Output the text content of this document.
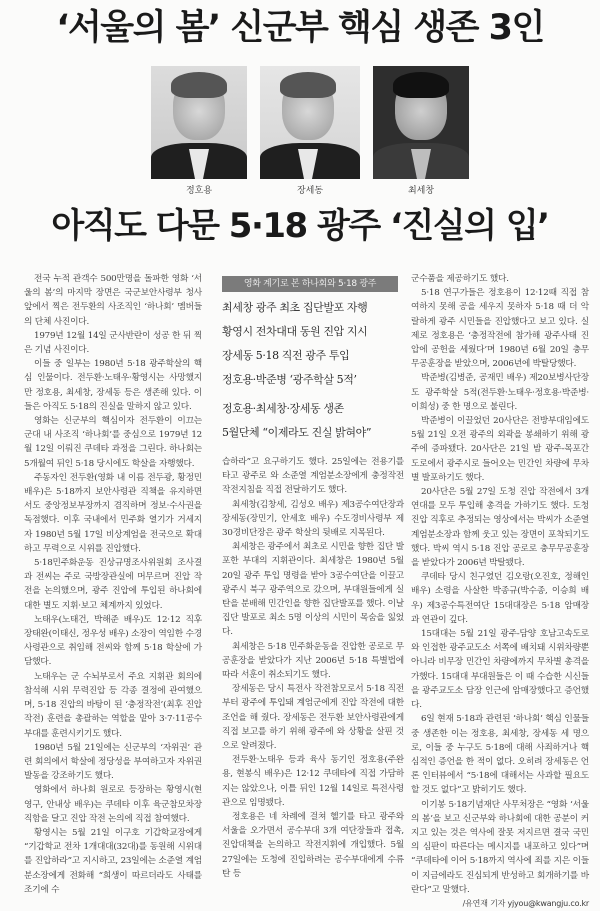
‘서울의 봄’ 신군부 핵심 생존 3인
정호용	장세동	최세창
아직도 다문 5·18 광주 ‘진실의 입’

전국 누적 관객수 500만명을 돌파한 영화 ‘서울의 봄’의 마지막 장면은 국군보안사령부 청사 앞에서 찍은 전두환의 사조직인 ‘하나회’ 멤버들의 단체 사진이다.

1979년 12월 14일 군사반란이 성공 한 뒤 찍은 기념 사진이다.

이들 중 일부는 1980년 5·18 광주학살의 핵심 인물이다. 전두환·노태우·황영시는 사망했지만 정호용, 최세창, 장세동 등은 생존해 있다. 이들은 아직도 5·18의 진실을 말하지 않고 있다.

영화는 신군부의 핵심이자 전두환이 이끄는 군대 내 사조직 ‘하나회’를 중심으로 1979년 12월 12일 이뤄진 쿠데타 과정을 그린다. 하나회는 5개월여 뒤인 5·18 당시에도 학살을 자행했다.

주동자인 전두환(영화 내 이름 전두광, 황정민 배우)은 5·18까지 보안사령관 직책을 유지하면서도 중앙정보부장까지 겸직하며 정보·수사권을 독점했다. 이후 국내에서 민주화 열기가 거세지자 1980년 5월 17일 비상계엄을 전국으로 확대하고 무력으로 시위를 진압했다.

5·18민주화운동 진상규명조사위원회 조사결과 전씨는 주로 국방장관실에 머무르며 진압 작전을 논의했으며, 광주 진압에 투입된 하나회에 대한 별도 지휘·보고 체계까지 있었다.

노태우(노태건, 박해준 배우)도 12·12 직후 장태완(이태신, 정우성 배우) 소장이 역임한 수경사령관으로 취임해 전씨와 함께 5·18 학살에 가담했다.

노태우는 군 수뇌부로서 주요 지휘관 회의에 참석해 시위 무력진압 등 각종 결정에 관여했으며, 5·18 진압의 바탕이 된 ‘충정작전’(최후 진압작전) 훈련을 총괄하는 역할을 맡아 3·7·11공수부대를 훈련시키기도 했다.

1980년 5월 21일에는 신군부의 ‘자위권’ 관련 회의에서 학살에 정당성을 부여하고자 자위권 발동을 강조하기도 했다.

영화에서 하나회 원로로 등장하는 황영시(현영구, 안내상 배우)는 쿠데타 이후 육군참모차장 직함을 달고 진압 작전 논의에 직접 참여했다.

황영시는 5월 21일 이구호 기갑학교장에게 “기갑학교 전차 1개대대(32대)를 동원해 시위대를 진압하라”고 지시하고, 23일에는 소준열 계엄분소장에게 전화해 “희생이 따르더라도 사태를 조기에 수

영화 계기로 본 하나회와 5·18 광주
최세창 광주 최초 집단발포 자행
황영시 전차대대 동원 진압 지시
장세동 5·18 직전 광주 투입
정호용·박준병 ‘광주학살 5적’
정호용·최세창·장세동 생존
5월단체 “이제라도 진실 밝혀야”

습하라”고 요구하기도 했다. 25일에는 전용기를 타고 광주로 와 소준열 계엄분소장에게 충정작전 작전지침을 직접 전달하기도 했다.

최세창(김창세, 김성오 배우) 제3공수여단장과 장세동(장민기, 안세호 배우) 수도경비사령부 제30경비단장은 광주 학살의 뒷배로 지목된다.

최세창은 광주에서 최초로 시민을 향한 집단 발포한 부대의 지휘관이다. 최세창은 1980년 5월 20일 광주 투입 명령을 받아 3공수여단을 이끌고 광주시 북구 광주역으로 갔으며, 부대원들에게 실탄을 분배해 민간인을 향한 집단발포를 했다. 이날 집단 발포로 최소 5명 이상의 시민이 목숨을 잃었다.

최세창은 5·18 민주화운동을 진압한 공로로 무공훈장을 받았다가 지난 2006년 5·18 특별법에 따라 서훈이 취소되기도 했다.

장세동은 당시 특전사 작전참모로서 5·18 직전부터 광주에 투입돼 계엄군에게 진압 작전에 대한 조언을 해 줬다. 장세동은 전두환 보안사령관에게 직접 보고를 하기 위해 광주에 와 상황을 살핀 것으로 알려졌다.

전두환·노태우 등과 육사 동기인 정호용(주완용, 현봉식 배우)은 12·12 쿠데타에 직접 가담하지는 않았으나, 이틀 뒤인 12월 14일로 특전사령관으로 임명됐다.

정호용은 네 차례에 걸쳐 헬기를 타고 광주와 서울을 오가면서 공수부대 3개 여단장들과 접촉, 진압대책을 논의하고 작전지휘에 개입했다. 5월 27일에는 도청에 진입하려는 공수부대에게 수류탄 등

군수품을 제공하기도 했다.

5·18 연구가들은 정호용이 12·12때 직접 참여하지 못해 공을 세우지 못하자 5·18 때 더 악랄하게 광주 시민들을 진압했다고 보고 있다. 실제로 정호용은 ‘충정작전에 참가해 광주사태 진압에 공헌을 세웠다’며 1980년 6월 20일 충무무공훈장을 받았으며, 2006년에 박탈당했다.

박준병(김병준, 공재민 배우) 제20보병사단장도 광주학살 5적(전두환·노태우·정호용·박준병·이희성) 중 한 명으로 불린다.

박준병이 이끌었던 20사단은 전방부대임에도 5월 21일 오전 광주의 외곽을 봉쇄하기 위해 광주에 증파됐다. 20사단은 21일 밤 광주-목포간 도로에서 광주시로 들어오는 민간인 차량에 무차별 발포하기도 했다.

20사단은 5월 27일 도청 진압 작전에서 3개 연대를 모두 투입해 총격을 가하기도 했다. 도청 진압 직후로 추정되는 영상에서는 박씨가 소준열 계엄분소장과 함께 웃고 있는 장면이 포착되기도 했다. 박씨 역시 5·18 진압 공로로 충무무공훈장을 받았다가 2006년 박탈됐다.

쿠데타 당시 친구였던 김오랑(오진호, 정해인 배우) 소령을 사살한 박종규(박수종, 이승희 배우) 제3공수특전여단 15대대장은 5·18 암매장과 연관이 깊다.

15대대는 5월 21일 광주-담양 호남고속도로와 인접한 광주교도소 서쪽에 배치돼 시위차량뿐 아니라 비무장 민간인 차량에까지 무차별 총격을 가했다. 15대대 부대원들은 이 때 수습한 시신들을 광주교도소 담장 인근에 암매장했다고 증언했다.

6일 현재 5·18과 관련된 ‘하나회’ 핵심 인물들 중 생존한 이는 정호용, 최세창, 장세동 세 명으로, 이들 중 누구도 5·18에 대해 사죄하거나 핵심적인 증언을 한 적이 없다. 오히려 장세동은 언론 인터뷰에서 “5·18에 대해서는 사과할 필요도 할 것도 없다”고 밝히기도 했다.

이기봉 5·18기념재단 사무처장은 “영화 ‘서울의 봄’을 보고 신군부와 하나회에 대한 공분이 커지고 있는 것은 역사에 잘못 저지르면 결국 국민의 심판이 따른다는 메시지를 내포하고 있다”며 “쿠데타에 이어 5·18까지 역사에 죄를 지은 이들이 지금에라도 진심되게 반성하고 회개하기를 바란다”고 말했다.
/유연재 기자 yjyou@kwangju.co.kr
